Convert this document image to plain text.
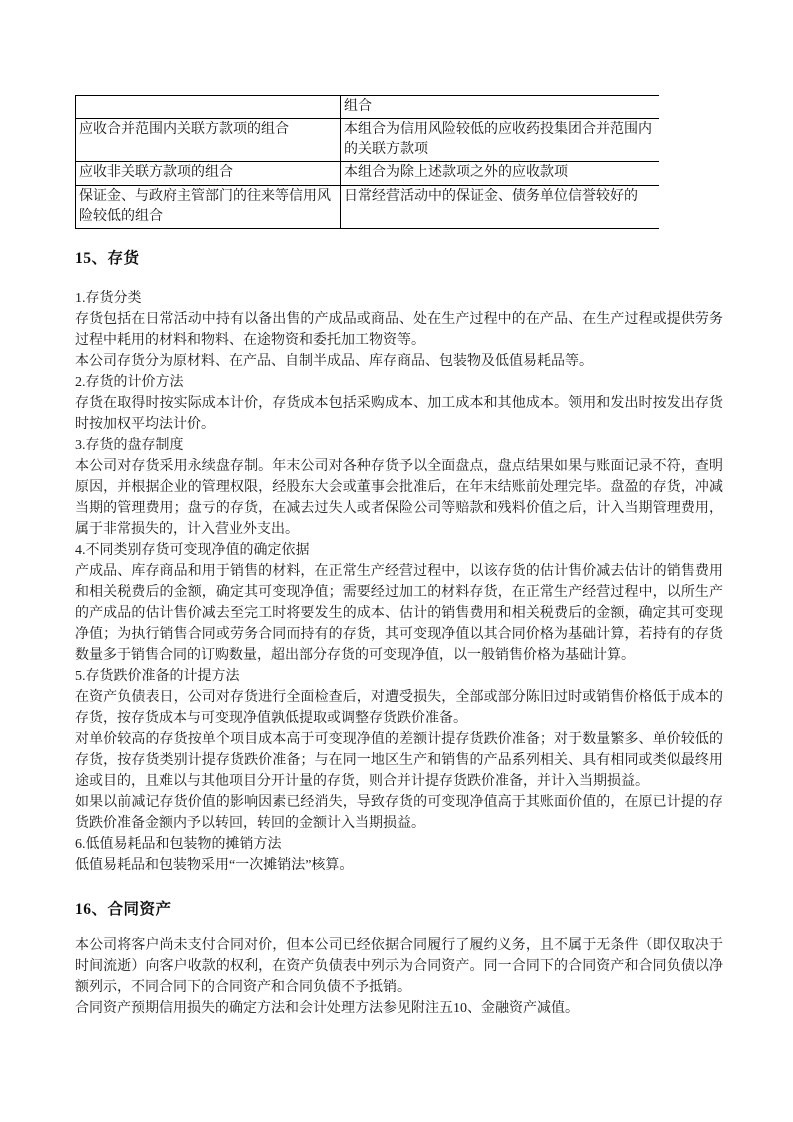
	组合
应收合并范围内关联方款项的组合	本组合为信用风险较低的应收药投集团合并范围内的关联方款项
应收非关联方款项的组合	本组合为除上述款项之外的应收款项
保证金、与政府主管部门的往来等信用风险较低的组合	日常经营活动中的保证金、债务单位信誉较好的
15、存货

1.存货分类

存货包括在日常活动中持有以备出售的产成品或商品、处在生产过程中的在产品、在生产过程或提供劳务过程中耗用的材料和物料、在途物资和委托加工物资等。

本公司存货分为原材料、在产品、自制半成品、库存商品、包装物及低值易耗品等。

2.存货的计价方法

存货在取得时按实际成本计价，存货成本包括采购成本、加工成本和其他成本。领用和发出时按发出存货时按加权平均法计价。

3.存货的盘存制度

本公司对存货采用永续盘存制。年末公司对各种存货予以全面盘点，盘点结果如果与账面记录不符，查明原因，并根据企业的管理权限，经股东大会或董事会批准后，在年末结账前处理完毕。盘盈的存货，冲减当期的管理费用；盘亏的存货，在减去过失人或者保险公司等赔款和残料价值之后，计入当期管理费用，属于非常损失的，计入营业外支出。

4.不同类别存货可变现净值的确定依据

产成品、库存商品和用于销售的材料，在正常生产经营过程中，以该存货的估计售价减去估计的销售费用和相关税费后的金额，确定其可变现净值；需要经过加工的材料存货，在正常生产经营过程中，以所生产的产成品的估计售价减去至完工时将要发生的成本、估计的销售费用和相关税费后的金额，确定其可变现净值；为执行销售合同或劳务合同而持有的存货，其可变现净值以其合同价格为基础计算，若持有的存货数量多于销售合同的订购数量，超出部分存货的可变现净值，以一般销售价格为基础计算。

5.存货跌价准备的计提方法

在资产负债表日，公司对存货进行全面检查后，对遭受损失，全部或部分陈旧过时或销售价格低于成本的存货，按存货成本与可变现净值孰低提取或调整存货跌价准备。

对单价较高的存货按单个项目成本高于可变现净值的差额计提存货跌价准备；对于数量繁多、单价较低的存货，按存货类别计提存货跌价准备；与在同一地区生产和销售的产品系列相关、具有相同或类似最终用途或目的，且难以与其他项目分开计量的存货，则合并计提存货跌价准备，并计入当期损益。

如果以前减记存货价值的影响因素已经消失，导致存货的可变现净值高于其账面价值的，在原已计提的存货跌价准备金额内予以转回，转回的金额计入当期损益。

6.低值易耗品和包装物的摊销方法

低值易耗品和包装物采用“一次摊销法”核算。

16、合同资产

本公司将客户尚未支付合同对价，但本公司已经依据合同履行了履约义务，且不属于无条件（即仅取决于时间流逝）向客户收款的权利，在资产负债表中列示为合同资产。同一合同下的合同资产和合同负债以净额列示，不同合同下的合同资产和合同负债不予抵销。

合同资产预期信用损失的确定方法和会计处理方法参见附注五10、金融资产减值。
